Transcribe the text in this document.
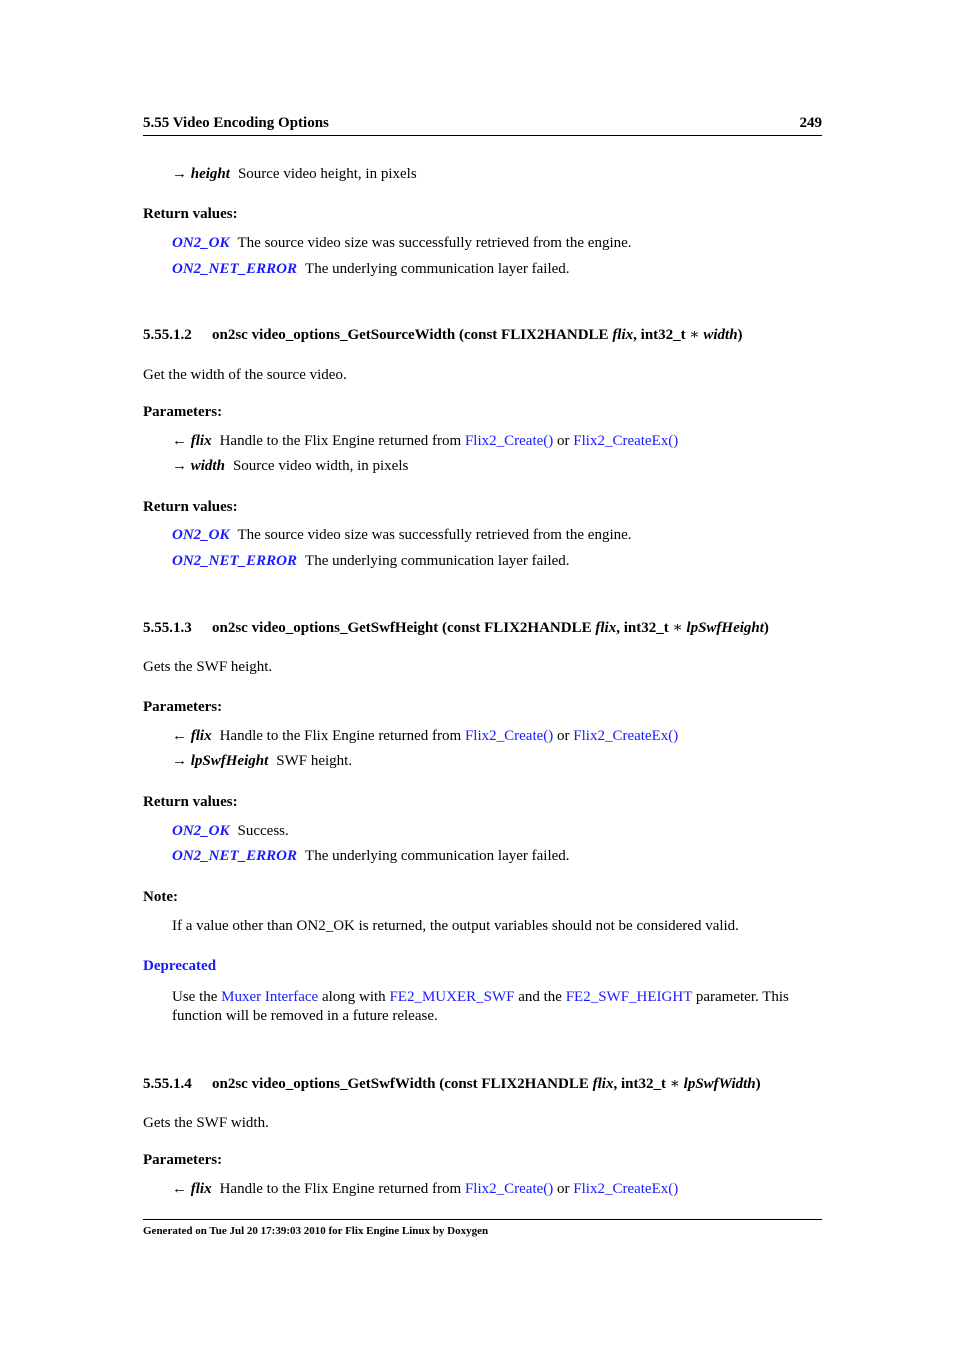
5.55 Video Encoding Options	249
→ height Source video height, in pixels
Return values:
ON2_OK The source video size was successfully retrieved from the engine.
ON2_NET_ERROR The underlying communication layer failed.
5.55.1.2 on2sc video_options_GetSourceWidth (const FLIX2HANDLE flix, int32_t ∗ width)
Get the width of the source video.
Parameters:
← flix Handle to the Flix Engine returned from Flix2_Create() or Flix2_CreateEx()
→ width Source video width, in pixels
Return values:
ON2_OK The source video size was successfully retrieved from the engine.
ON2_NET_ERROR The underlying communication layer failed.
5.55.1.3 on2sc video_options_GetSwfHeight (const FLIX2HANDLE flix, int32_t ∗ lpSwfHeight)
Gets the SWF height.
Parameters:
← flix Handle to the Flix Engine returned from Flix2_Create() or Flix2_CreateEx()
→ lpSwfHeight SWF height.
Return values:
ON2_OK Success.
ON2_NET_ERROR The underlying communication layer failed.
Note:
If a value other than ON2_OK is returned, the output variables should not be considered valid.
Deprecated
Use the Muxer Interface along with FE2_MUXER_SWF and the FE2_SWF_HEIGHT parameter. This function will be removed in a future release.
5.55.1.4 on2sc video_options_GetSwfWidth (const FLIX2HANDLE flix, int32_t ∗ lpSwfWidth)
Gets the SWF width.
Parameters:
← flix Handle to the Flix Engine returned from Flix2_Create() or Flix2_CreateEx()
Generated on Tue Jul 20 17:39:03 2010 for Flix Engine Linux by Doxygen
